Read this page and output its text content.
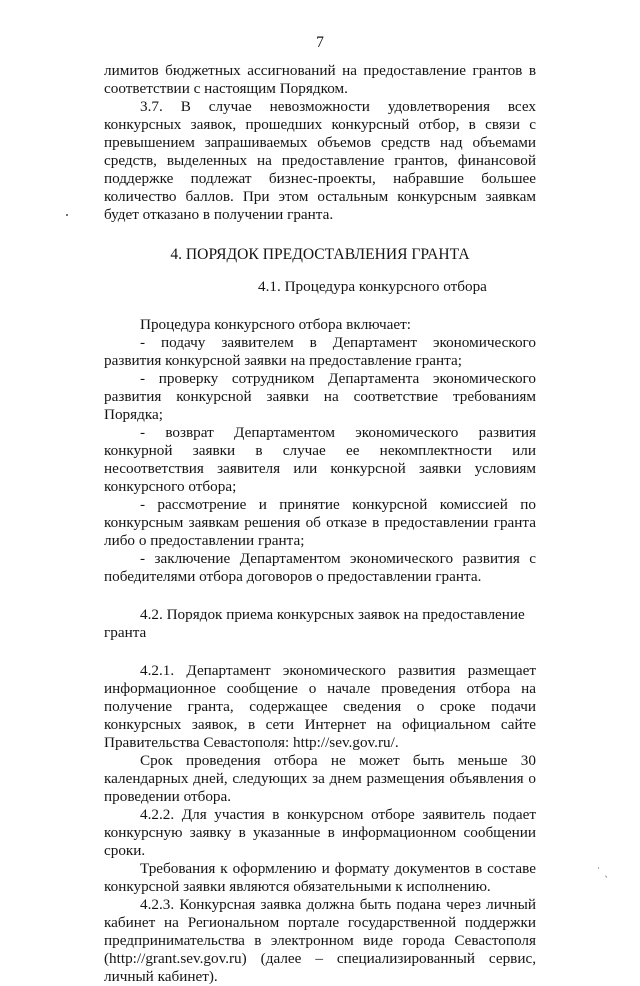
7

лимитов бюджетных ассигнований на предоставление грантов в соответствии с настоящим Порядком.

3.7. В случае невозможности удовлетворения всех конкурсных заявок, прошедших конкурсный отбор, в связи с превышением запрашиваемых объемов средств над объемами средств, выделенных на предоставление грантов, финансовой поддержке подлежат бизнес-проекты, набравшие большее количество баллов. При этом остальным конкурсным заявкам будет отказано в получении гранта.

4. ПОРЯДОК ПРЕДОСТАВЛЕНИЯ ГРАНТА

4.1. Процедура конкурсного отбора

Процедура конкурсного отбора включает:

- подачу заявителем в Департамент экономического развития конкурсной заявки на предоставление гранта;

- проверку сотрудником Департамента экономического развития конкурсной заявки на соответствие требованиям Порядка;

- возврат Департаментом экономического развития конкурной заявки в случае ее некомплектности или несоответствия заявителя или конкурсной заявки условиям конкурсного отбора;

- рассмотрение и принятие конкурсной комиссией по конкурсным заявкам решения об отказе в предоставлении гранта либо о предоставлении гранта;

- заключение Департаментом экономического развития с победителями отбора договоров о предоставлении гранта.

4.2. Порядок приема конкурсных заявок на предоставление гранта

4.2.1. Департамент экономического развития размещает информационное сообщение о начале проведения отбора на получение гранта, содержащее сведения о сроке подачи конкурсных заявок, в сети Интернет на официальном сайте Правительства Севастополя: http://sev.gov.ru/.

Срок проведения отбора не может быть меньше 30 календарных дней, следующих за днем размещения объявления о проведении отбора.

4.2.2. Для участия в конкурсном отборе заявитель подает конкурсную заявку в указанные в информационном сообщении сроки.

Требования к оформлению и формату документов в составе конкурсной заявки являются обязательными к исполнению.

4.2.3. Конкурсная заявка должна быть подана через личный кабинет на Региональном портале государственной поддержки предпринимательства в электронном виде города Севастополя (http://grant.sev.gov.ru) (далее – специализированный сервис, личный кабинет).

˙ ˎ
